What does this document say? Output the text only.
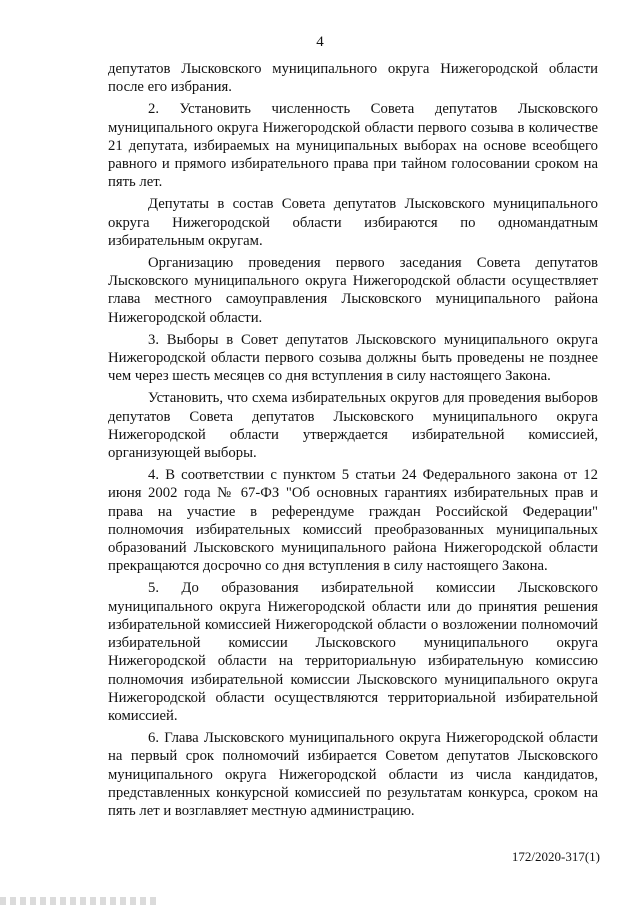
4

депутатов Лысковского муниципального округа Нижегородской области после его избрания.

2. Установить численность Совета депутатов Лысковского муниципального округа Нижегородской области первого созыва в количестве 21 депутата, избираемых на муниципальных выборах на основе всеобщего равного и прямого избирательного права при тайном голосовании сроком на пять лет.

Депутаты в состав Совета депутатов Лысковского муниципального округа Нижегородской области избираются по одномандатным избирательным округам.

Организацию проведения первого заседания Совета депутатов Лысковского муниципального округа Нижегородской области осуществляет глава местного самоуправления Лысковского муниципального района Нижегородской области.

3. Выборы в Совет депутатов Лысковского муниципального округа Нижегородской области первого созыва должны быть проведены не позднее чем через шесть месяцев со дня вступления в силу настоящего Закона.

Установить, что схема избирательных округов для проведения выборов депутатов Совета депутатов Лысковского муниципального округа Нижегородской области утверждается избирательной комиссией, организующей выборы.

4. В соответствии с пунктом 5 статьи 24 Федерального закона от 12 июня 2002 года № 67-ФЗ "Об основных гарантиях избирательных прав и права на участие в референдуме граждан Российской Федерации" полномочия избирательных комиссий преобразованных муниципальных образований Лысковского муниципального района Нижегородской области прекращаются досрочно со дня вступления в силу настоящего Закона.

5. До образования избирательной комиссии Лысковского муниципального округа Нижегородской области или до принятия решения избирательной комиссией Нижегородской области о возложении полномочий избирательной комиссии Лысковского муниципального округа Нижегородской области на территориальную избирательную комиссию полномочия избирательной комиссии Лысковского муниципального округа Нижегородской области осуществляются территориальной избирательной комиссией.

6. Глава Лысковского муниципального округа Нижегородской области на первый срок полномочий избирается Советом депутатов Лысковского муниципального округа Нижегородской области из числа кандидатов, представленных конкурсной комиссией по результатам конкурса, сроком на пять лет и возглавляет местную администрацию.

172/2020-317(1)
